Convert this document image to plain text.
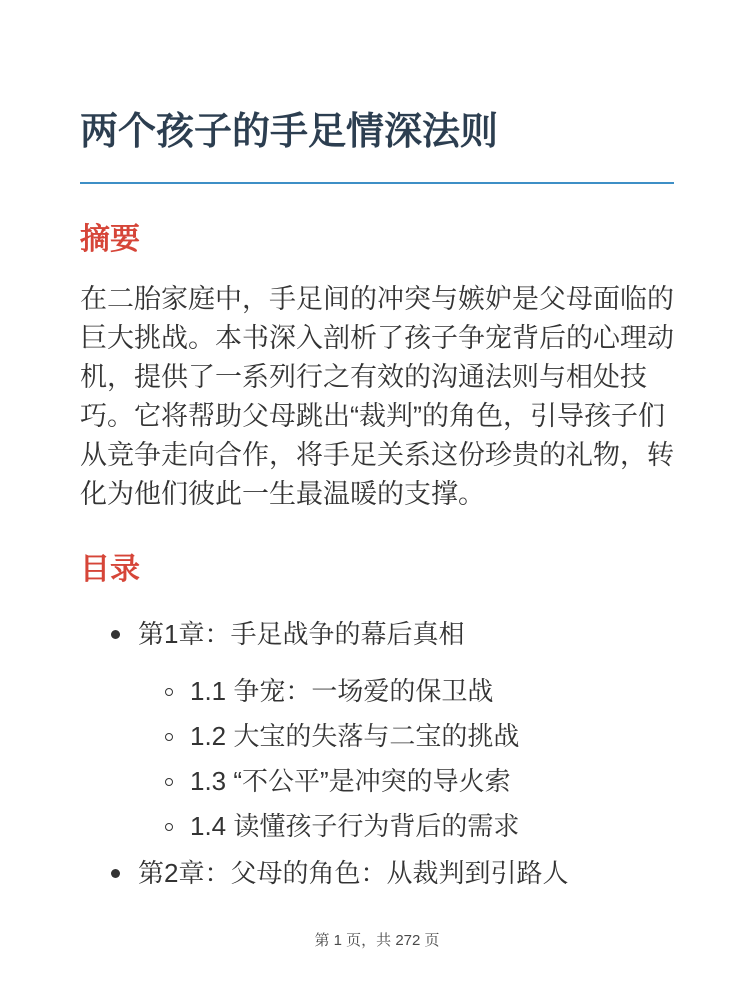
两个孩子的手足情深法则
摘要

在二胎家庭中，手足间的冲突与嫉妒是父母面临的巨大挑战。本书深入剖析了孩子争宠背后的心理动机，提供了一系列行之有效的沟通法则与相处技巧。它将帮助父母跳出“裁判”的角色，引导孩子们从竞争走向合作，将手足关系这份珍贵的礼物，转化为他们彼此一生最温暖的支撑。

目录
第1章：手足战争的幕后真相
1.1 争宠：一场爱的保卫战
1.2 大宝的失落与二宝的挑战
1.3 “不公平”是冲突的导火索
1.4 读懂孩子行为背后的需求
第2章：父母的角色：从裁判到引路人
第 1 页，共 272 页
